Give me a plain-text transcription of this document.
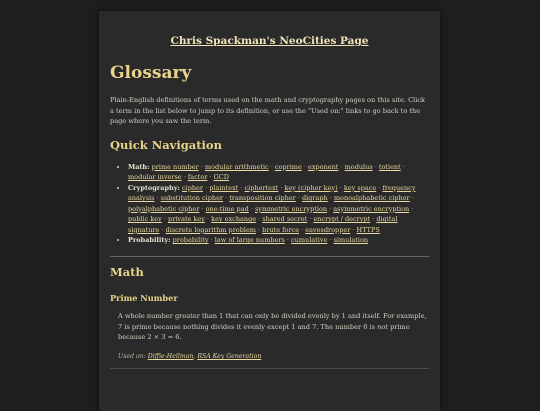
Chris Spackman's NeoCities Page
Glossary

Plain-English definitions of terms used on the math and cryptography pages on this site. Click a term in the list below to jump to its definition, or use the "Used on:" links to go back to the page where you saw the term.

Quick Navigation
• Math: prime number · modular arithmetic · coprime · exponent · modulus · totient · modular inverse · factor · GCD
• Cryptography: cipher · plaintext · ciphertext · key (cipher key) · key space · frequency analysis · substitution cipher · transposition cipher · digraph · monoalphabetic cipher · polyalphabetic cipher · one-time pad · symmetric encryption · asymmetric encryption · public key · private key · key exchange · shared secret · encrypt / decrypt · digital signature · discrete logarithm problem · brute force · eavesdropper · HTTPS
• Probability: probability · law of large numbers · cumulative · simulation
Math
Prime Number

A whole number greater than 1 that can only be divided evenly by 1 and itself. For example, 7 is prime because nothing divides it evenly except 1 and 7. The number 6 is not prime because 2 × 3 = 6.

Used on: Diffie-Hellman, RSA Key Generation
